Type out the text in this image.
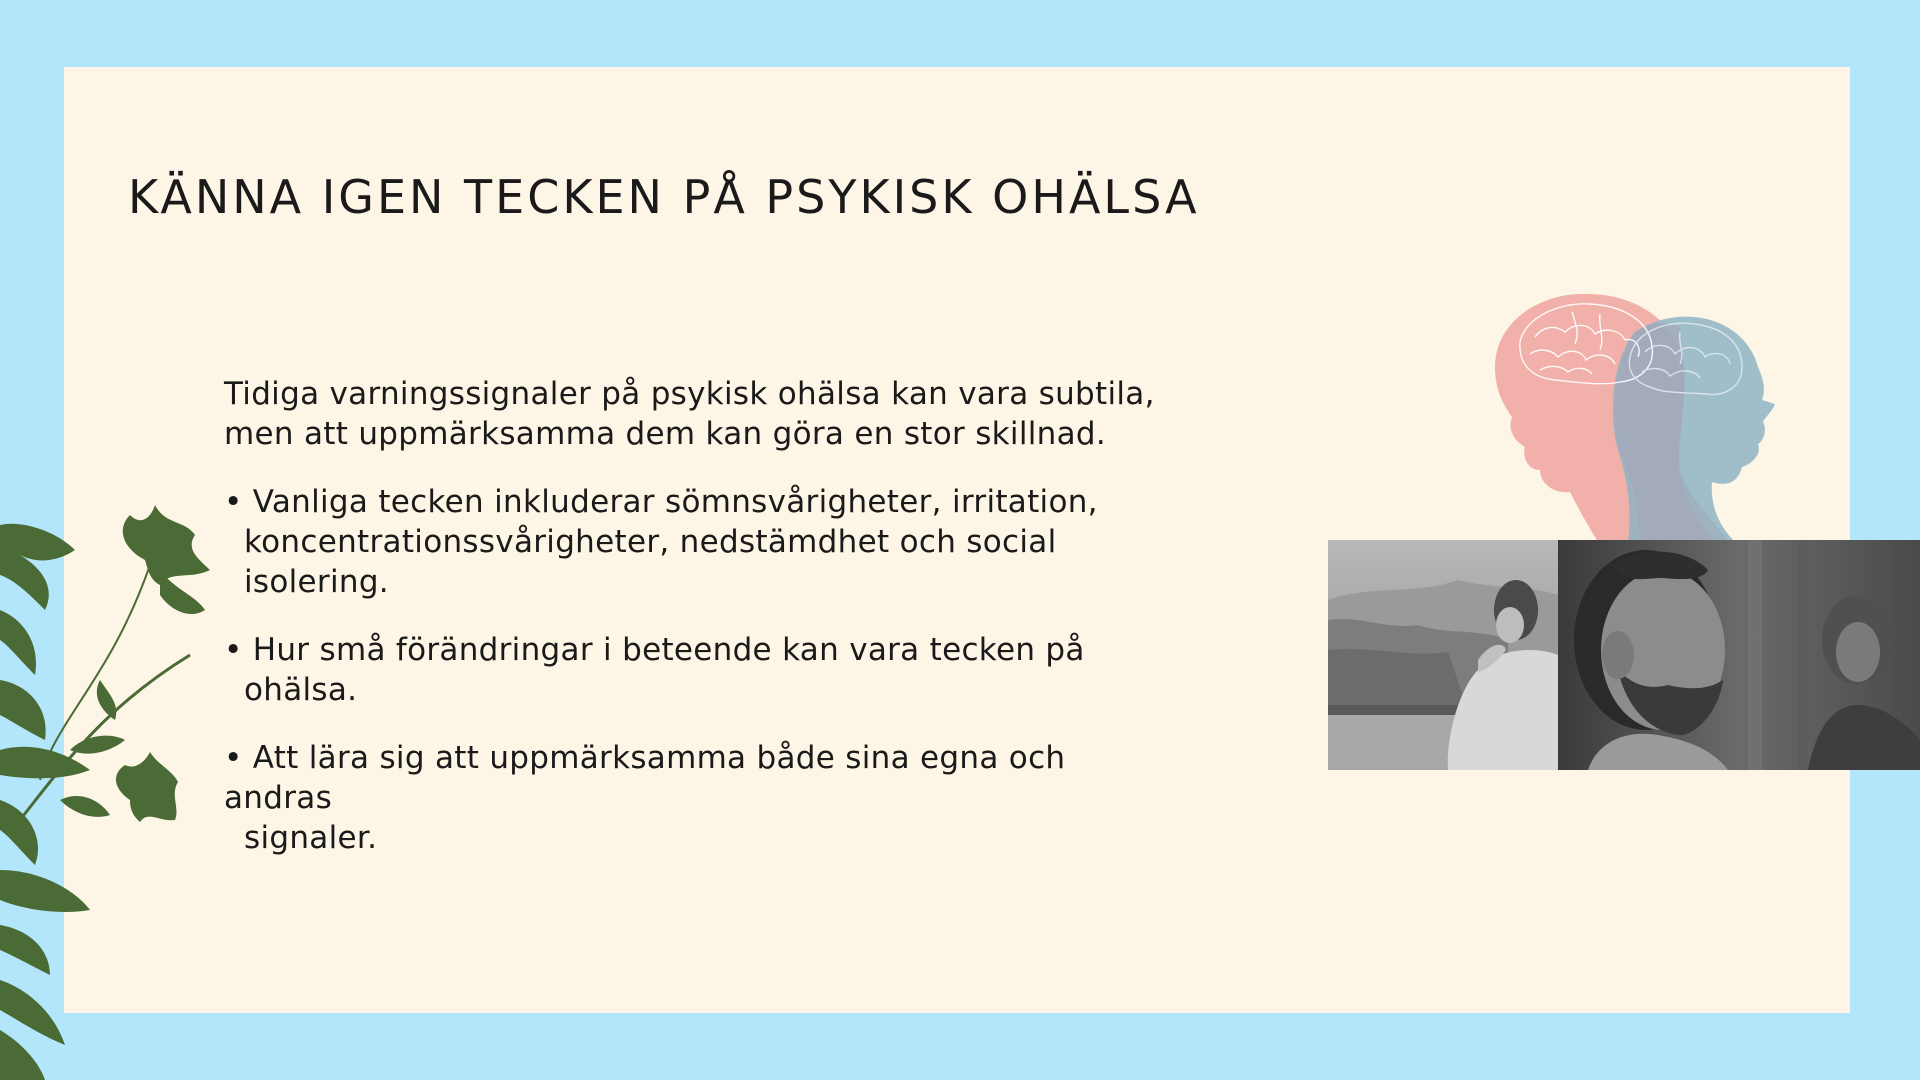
KÄNNA IGEN TECKEN PÅ PSYKISK OHÄLSA

Tidiga varningssignaler på psykisk ohälsa kan vara subtila,
men att uppmärksamma dem kan göra en stor skillnad.

• Vanliga tecken inkluderar sömnsvårigheter, irritation,
koncentrationssvårigheter, nedstämdhet och social
isolering.

• Hur små förändringar i beteende kan vara tecken på
ohälsa.

• Att lära sig att uppmärksamma både sina egna och
andras
signaler.
